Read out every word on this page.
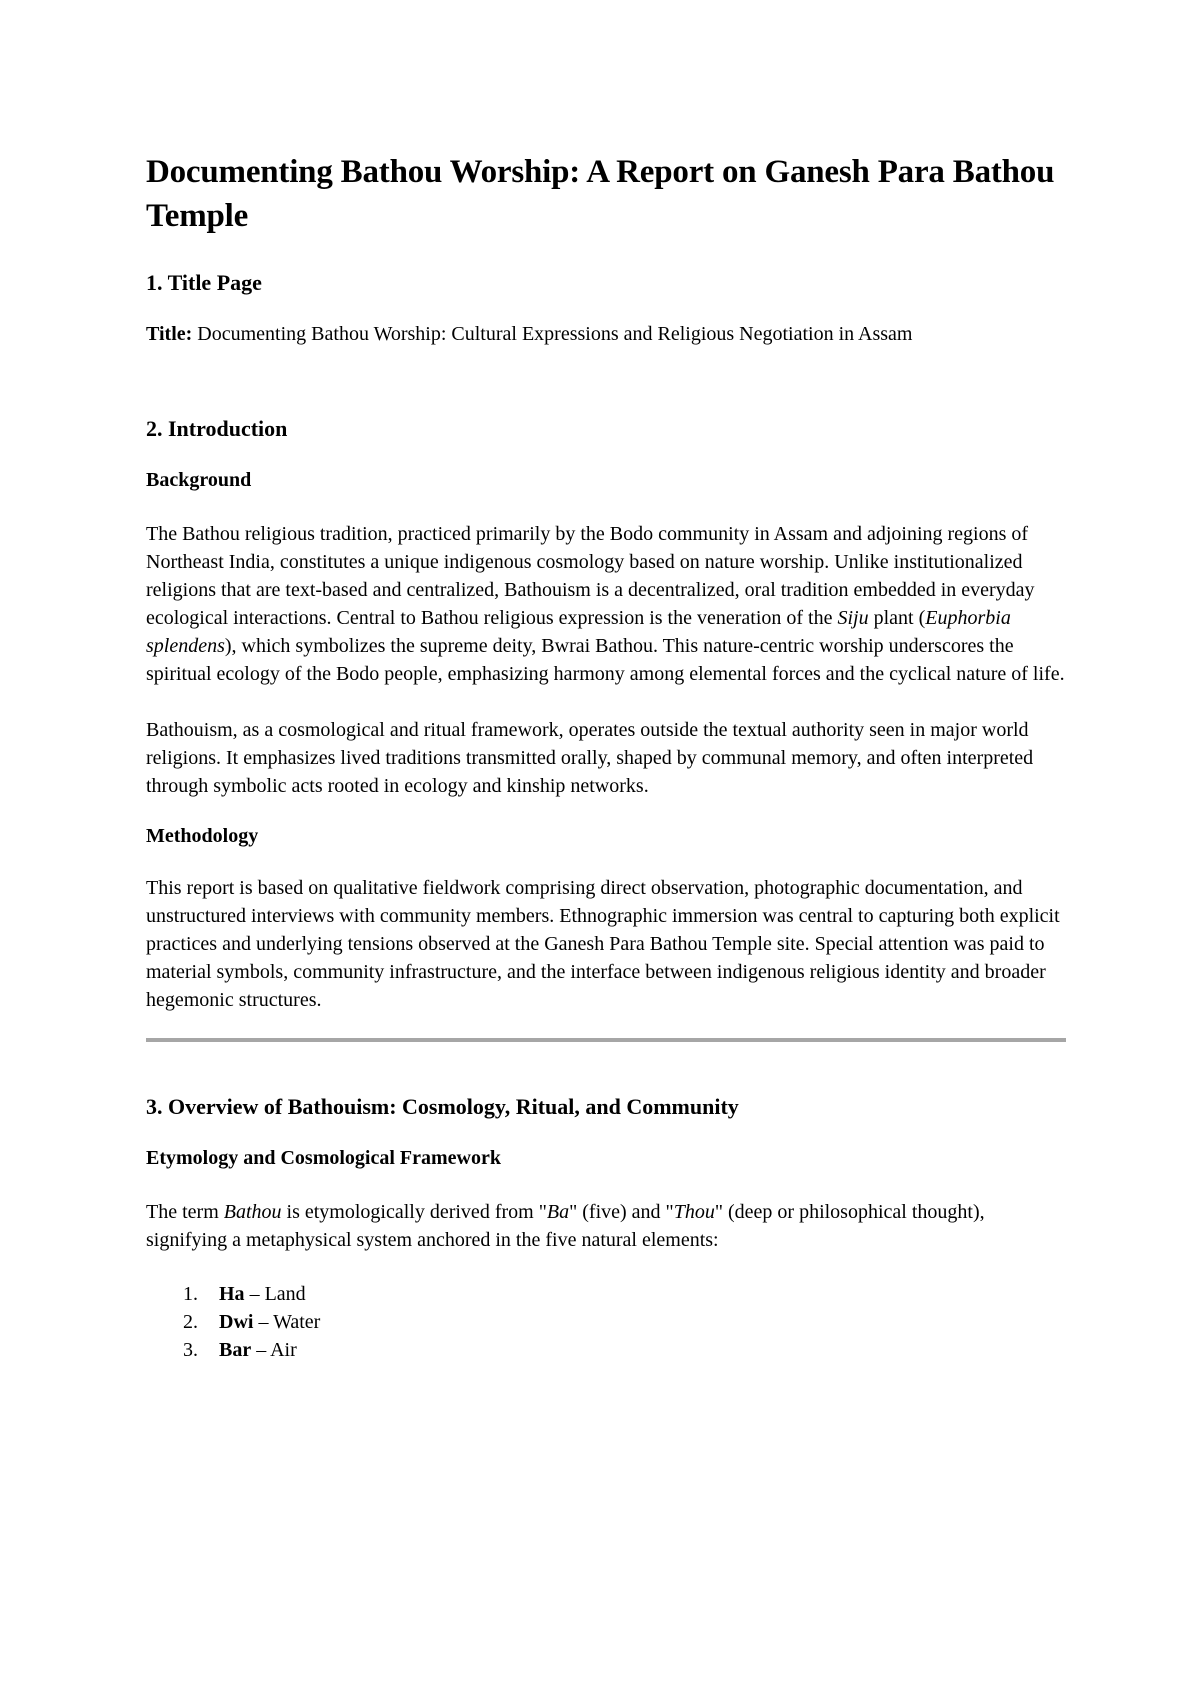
Documenting Bathou Worship: A Report on Ganesh Para Bathou Temple
1. Title Page

Title: Documenting Bathou Worship: Cultural Expressions and Religious Negotiation in Assam

2. Introduction
Background

The Bathou religious tradition, practiced primarily by the Bodo community in Assam and adjoining regions of Northeast India, constitutes a unique indigenous cosmology based on nature worship. Unlike institutionalized religions that are text-based and centralized, Bathouism is a decentralized, oral tradition embedded in everyday ecological interactions. Central to Bathou religious expression is the veneration of the Siju plant (Euphorbia splendens), which symbolizes the supreme deity, Bwrai Bathou. This nature-centric worship underscores the spiritual ecology of the Bodo people, emphasizing harmony among elemental forces and the cyclical nature of life.

Bathouism, as a cosmological and ritual framework, operates outside the textual authority seen in major world religions. It emphasizes lived traditions transmitted orally, shaped by communal memory, and often interpreted through symbolic acts rooted in ecology and kinship networks.

Methodology

This report is based on qualitative fieldwork comprising direct observation, photographic documentation, and unstructured interviews with community members. Ethnographic immersion was central to capturing both explicit practices and underlying tensions observed at the Ganesh Para Bathou Temple site. Special attention was paid to material symbols, community infrastructure, and the interface between indigenous religious identity and broader hegemonic structures.

3. Overview of Bathouism: Cosmology, Ritual, and Community
Etymology and Cosmological Framework

The term Bathou is etymologically derived from "Ba" (five) and "Thou" (deep or philosophical thought), signifying a metaphysical system anchored in the five natural elements:

1. Ha – Land
2. Dwi – Water
3. Bar – Air
